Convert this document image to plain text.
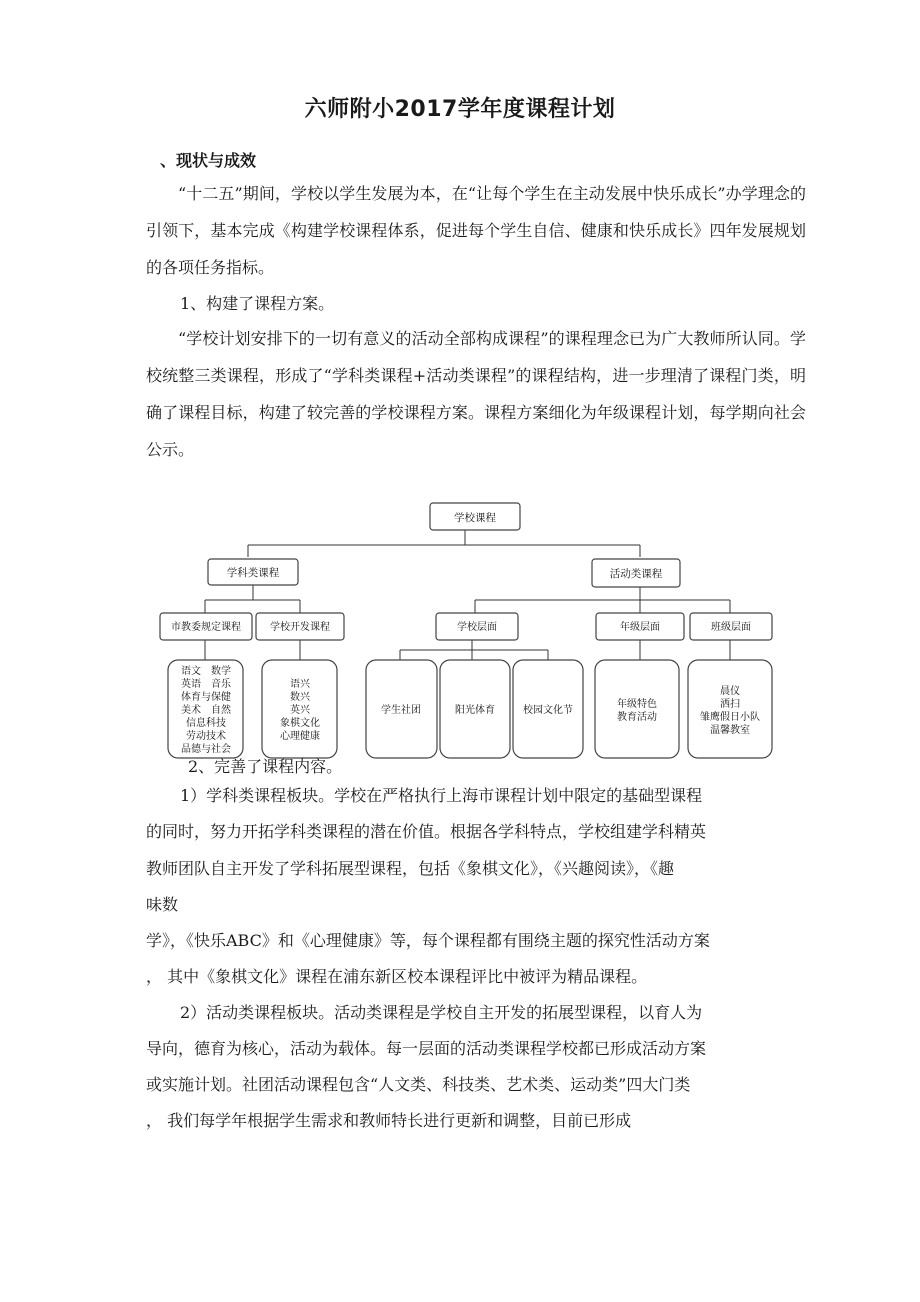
六师附小2017学年度课程计划
、现状与成效

“十二五”期间，学校以学生发展为本，在“让每个学生在主动发展中快乐成长”办学理念的引领下，基本完成《构建学校课程体系，促进每个学生自信、健康和快乐成长》四年发展规划的各项任务指标。

1、构建了课程方案。

“学校计划安排下的一切有意义的活动全部构成课程”的课程理念已为广大教师所认同。学校统整三类课程，形成了“学科类课程+活动类课程”的课程结构，进一步理清了课程门类，明确了课程目标，构建了较完善的学校课程方案。课程方案细化为年级课程计划，每学期向社会公示。

学校课程
学科类课程	活动类课程
市教委规定课程	学校开发课程	学校层面	年级层面	班级层面
语文　数学
英语　音乐
体育与保健
美术　自然
信息科技
劳动技术
品德与社会
语兴
数兴
英兴
象棋文化
心理健康
学生社团	阳光体育	校园文化节
年级特色
教育活动
晨仪
洒扫
雏鹰假日小队
温馨教室
2、完善了课程内容。
1）学科类课程板块。学校在严格执行上海市课程计划中限定的基础型课程
的同时，努力开拓学科类课程的潜在价值。根据各学科特点，学校组建学科精英
教师团队自主开发了学科拓展型课程，包括《象棋文化》，《兴趣阅读》，《趣
味数
学》，《快乐ABC》和《心理健康》等，每个课程都有围绕主题的探究性活动方案
， 其中《象棋文化》课程在浦东新区校本课程评比中被评为精品课程。
2）活动类课程板块。活动类课程是学校自主开发的拓展型课程，以育人为
导向，德育为核心，活动为载体。每一层面的活动类课程学校都已形成活动方案
或实施计划。社团活动课程包含“人文类、科技类、艺术类、运动类”四大门类
， 我们每学年根据学生需求和教师特长进行更新和调整，目前已形成
